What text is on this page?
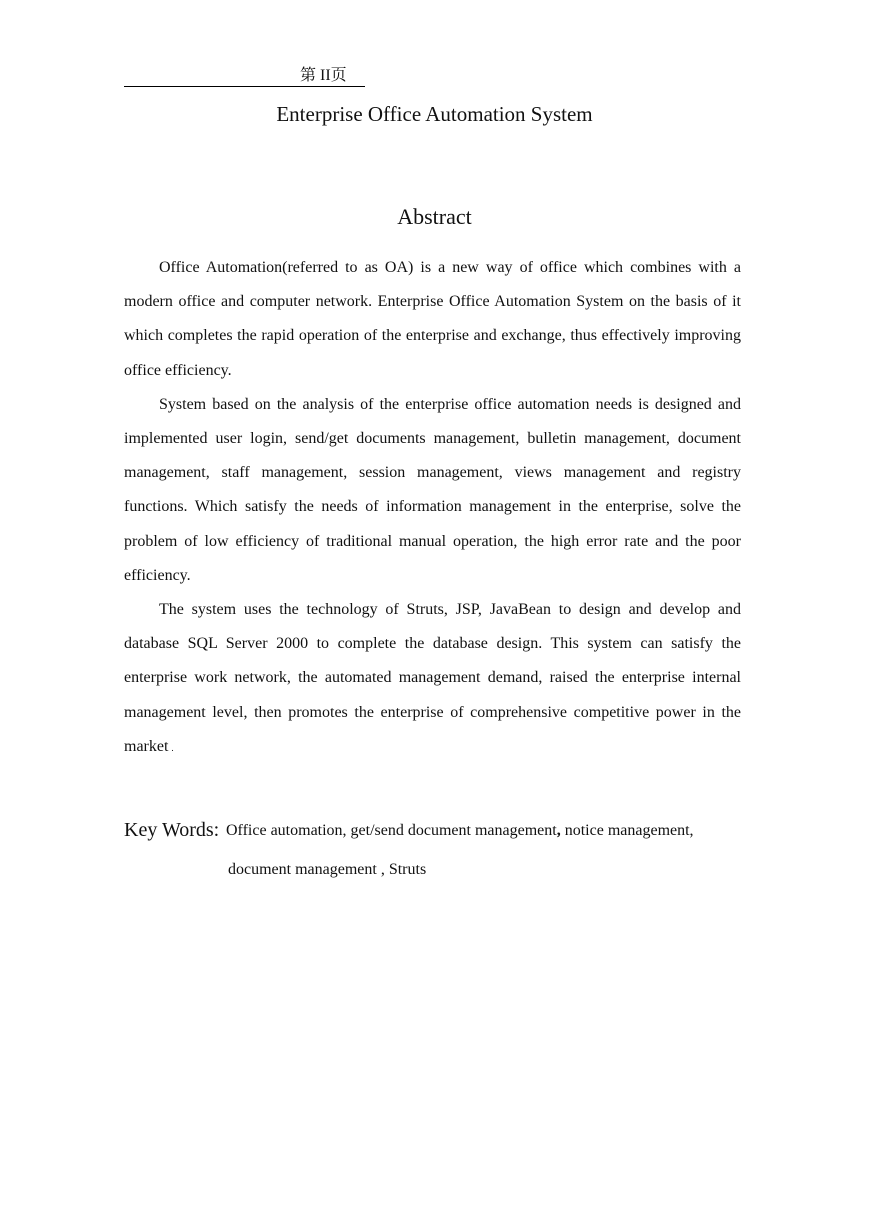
第 II页
Enterprise Office Automation System
Abstract

Office Automation(referred to as OA) is a new way of office which combines with a modern office and computer network. Enterprise Office Automation System on the basis of it which completes the rapid operation of the enterprise and exchange, thus effectively improving office efficiency.

System based on the analysis of the enterprise office automation needs is designed and implemented user login, send/get documents management, bulletin management, document management, staff management, session management, views management and registry functions. Which satisfy the needs of information management in the enterprise, solve the problem of low efficiency of traditional manual operation, the high error rate and the poor efficiency.

The system uses the technology of Struts, JSP, JavaBean to design and develop and database SQL Server 2000 to complete the database design. This system can satisfy the enterprise work network, the automated management demand, raised the enterprise internal management level, then promotes the enterprise of comprehensive competitive power in the market .

Key Words: Office automation, get/send document management, notice management,
document management , Struts
